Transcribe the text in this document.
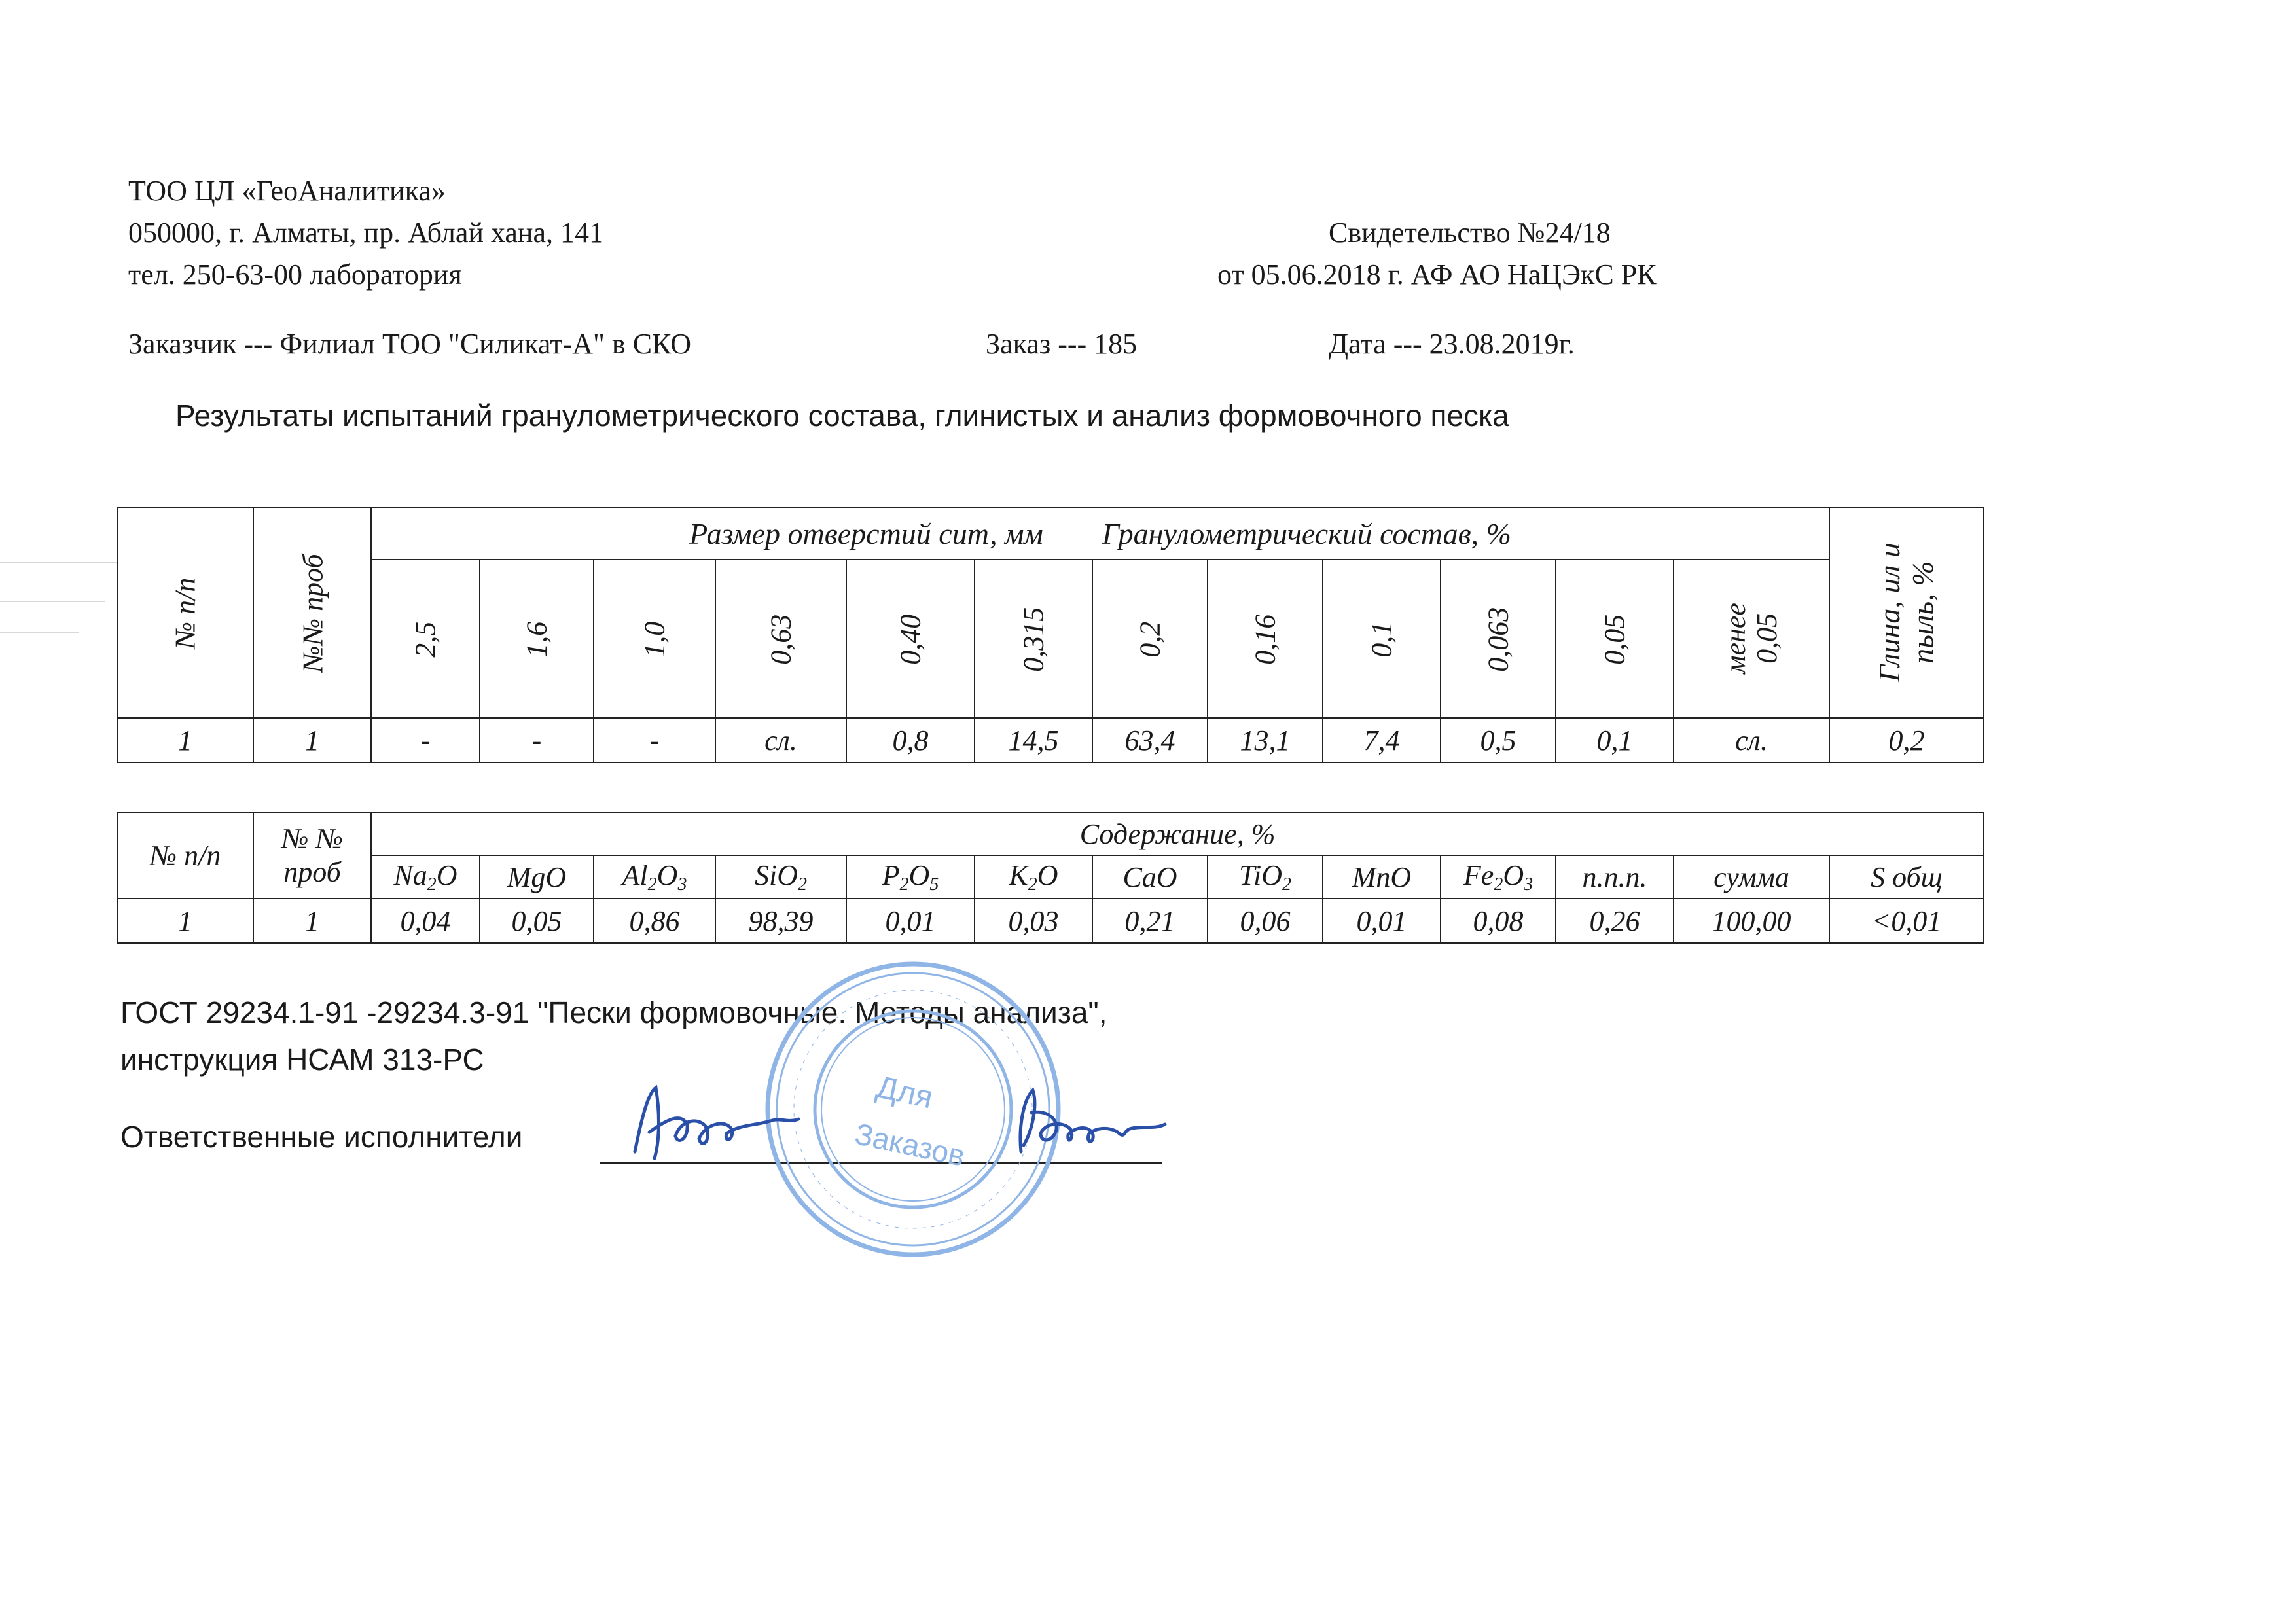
ТОО ЦЛ «ГеоАналитика»
050000, г. Алматы, пр. Аблай хана, 141
тел. 250-63-00 лаборатория
Свидетельство №24/18
от 05.06.2018 г. АФ АО НаЦЭкС РК
Заказчик --- Филиал ТОО "Силикат-А" в СКО	Заказ --- 185	Дата --- 23.08.2019г.
Результаты испытаний гранулометрического состава, глинистых и анализ формовочного песка
№ п/п	№№ проб	Размер отверстий сит, мм Гранулометрический состав, %												Глина, ил и пыль, %

		2,5	1,6	1,0	0,63	0,40	0,315	0,2	0,16	0,1	0,063	0,05	менее 0,05	

1	1	-	-	-	сл.	0,8	14,5	63,4	13,1	7,4	0,5	0,1	сл.	0,2
№ п/п	№ №	Содержание, %												
	проб	$Na_2O$	MgO	$Al_2O_3$	SiO$_2$	$P_2O_5$	$K_2O$	CaO	TiO$_2$	MnO	$Fe_2O_3$	п.п.п.	сумма	S общ
1	1	0,04	0,05	0,86	98,39	0,01	0,03	0,21	0,06	0,01	0,08	0,26	100,00	<0,01
ГОСТ 29234.1-91 -29234.3-91 "Пески формовочные. Методы анализа",
инструкция НСАМ 313-РС
Ответственные исполнители
Для
Заказов
